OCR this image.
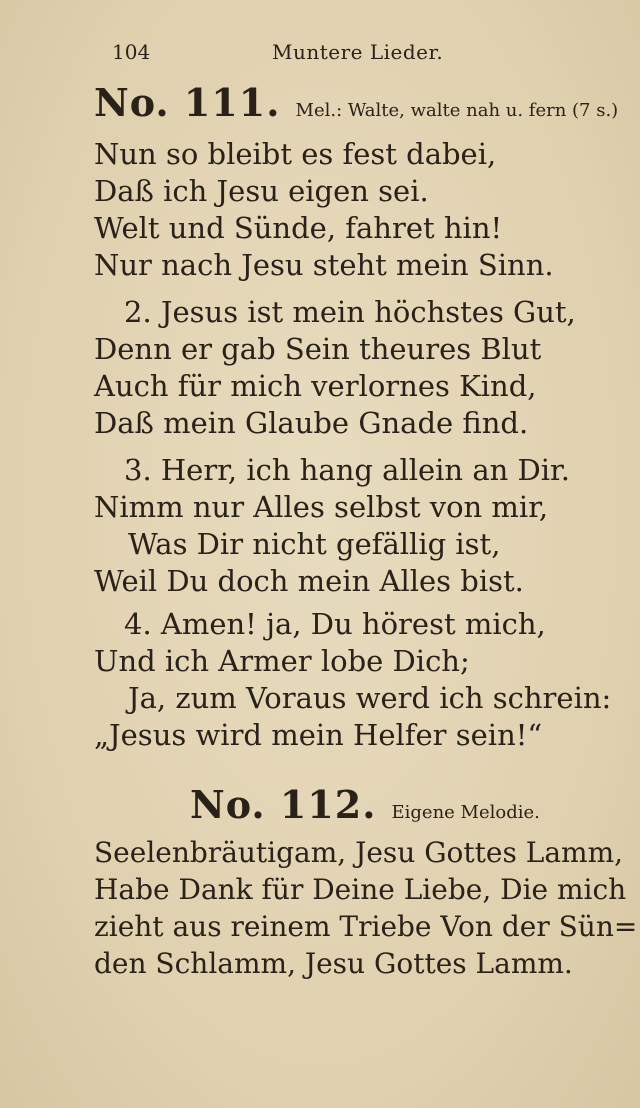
104	Muntere Lieder.
No. 111. Mel.: Walte, walte nah u. fern (7 s.)
Nun so bleibt es fest dabei,
Daß ich Jesu eigen sei.
Welt und Sünde, fahret hin!
Nur nach Jesu steht mein Sinn.
2. Jesus ist mein höchstes Gut,
Denn er gab Sein theures Blut
Auch für mich verlornes Kind,
Daß mein Glaube Gnade find.
3. Herr, ich hang allein an Dir.
Nimm nur Alles selbst von mir,
Was Dir nicht gefällig ist,
Weil Du doch mein Alles bist.
4. Amen! ja, Du hörest mich,
Und ich Armer lobe Dich;
Ja, zum Voraus werd ich schrein:
„Jesus wird mein Helfer sein!“
No. 112. Eigene Melodie.
Seelenbräutigam, Jesu Gottes Lamm,
Habe Dank für Deine Liebe, Die mich
zieht aus reinem Triebe Von der Sün=
den Schlamm, Jesu Gottes Lamm.
